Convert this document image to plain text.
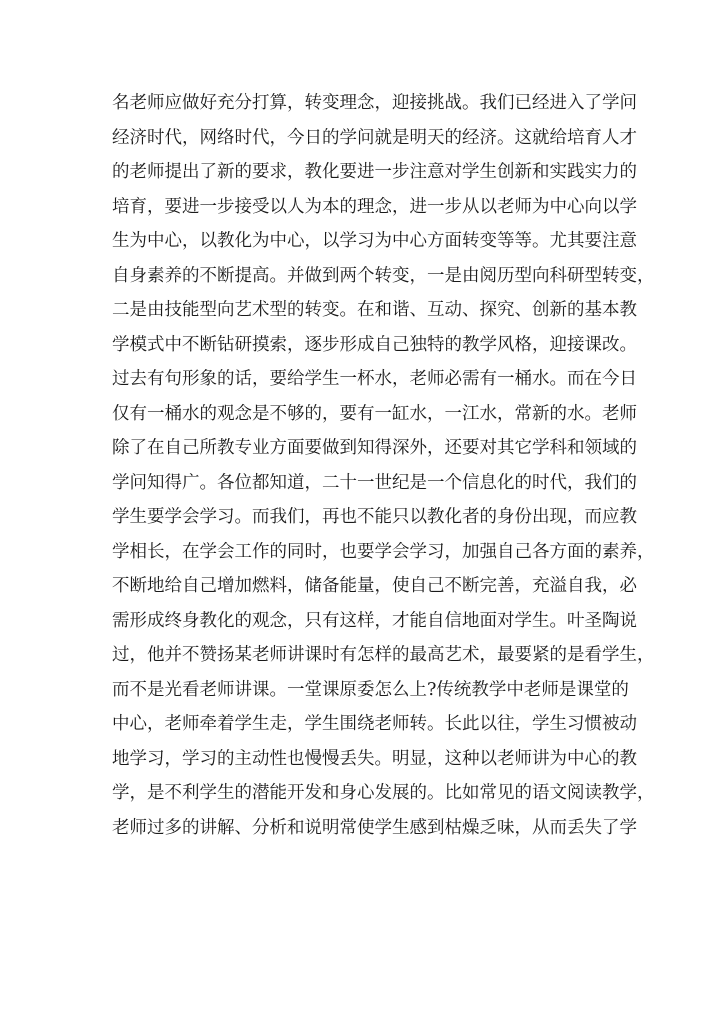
名老师应做好充分打算，转变理念，迎接挑战。我们已经进入了学问
经济时代，网络时代，今日的学问就是明天的经济。这就给培育人才
的老师提出了新的要求，教化要进一步注意对学生创新和实践实力的
培育，要进一步接受以人为本的理念，进一步从以老师为中心向以学
生为中心，以教化为中心，以学习为中心方面转变等等。尤其要注意
自身素养的不断提高。并做到两个转变，一是由阅历型向科研型转变，
二是由技能型向艺术型的转变。在和谐、互动、探究、创新的基本教
学模式中不断钻研摸索，逐步形成自己独特的教学风格，迎接课改。
过去有句形象的话，要给学生一杯水，老师必需有一桶水。而在今日
仅有一桶水的观念是不够的，要有一缸水，一江水，常新的水。老师
除了在自己所教专业方面要做到知得深外，还要对其它学科和领域的
学问知得广。各位都知道，二十一世纪是一个信息化的时代，我们的
学生要学会学习。而我们，再也不能只以教化者的身份出现，而应教
学相长，在学会工作的同时，也要学会学习，加强自己各方面的素养，
不断地给自己增加燃料，储备能量，使自己不断完善，充溢自我，必
需形成终身教化的观念，只有这样，才能自信地面对学生。叶圣陶说
过，他并不赞扬某老师讲课时有怎样的最高艺术，最要紧的是看学生，
而不是光看老师讲课。一堂课原委怎么上?传统教学中老师是课堂的
中心，老师牵着学生走，学生围绕老师转。长此以往，学生习惯被动
地学习，学习的主动性也慢慢丢失。明显，这种以老师讲为中心的教
学，是不利学生的潜能开发和身心发展的。比如常见的语文阅读教学，
老师过多的讲解、分析和说明常使学生感到枯燥乏味，从而丢失了学
